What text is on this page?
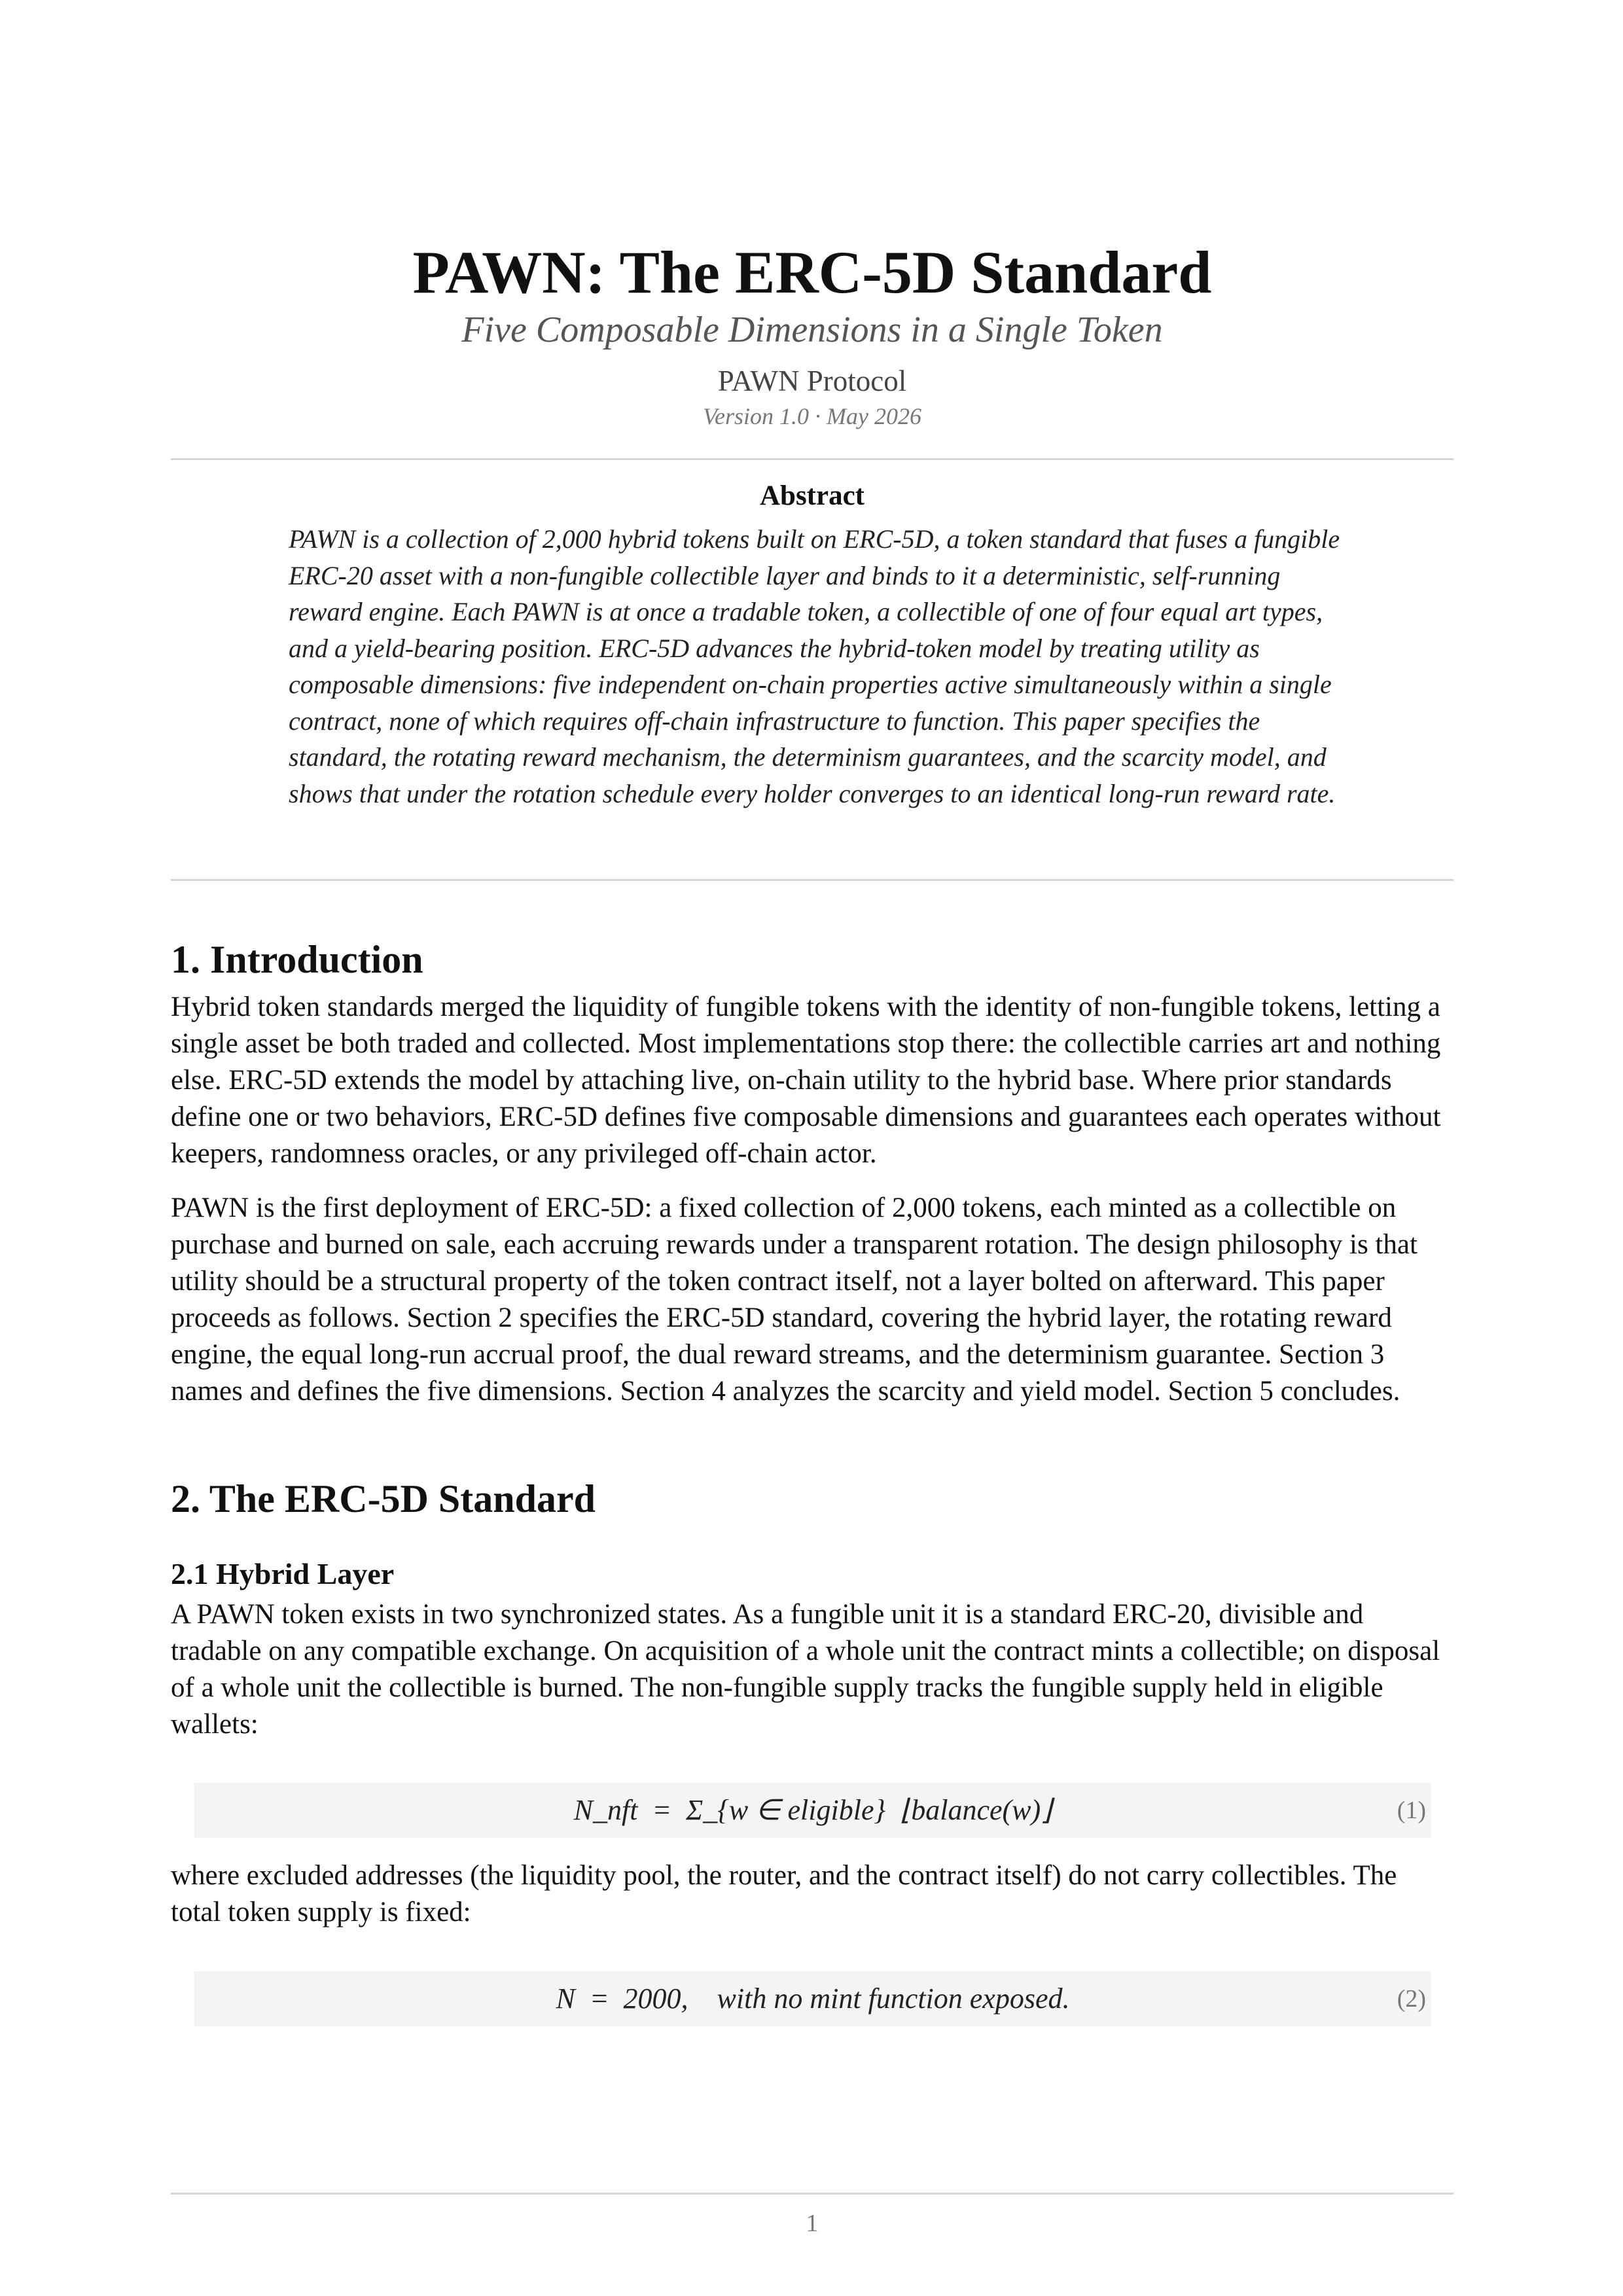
PAWN: The ERC-5D Standard
Five Composable Dimensions in a Single Token
PAWN Protocol
Version 1.0 · May 2026
Abstract

PAWN is a collection of 2,000 hybrid tokens built on ERC-5D, a token standard that fuses a fungible ERC-20 asset with a non-fungible collectible layer and binds to it a deterministic, self-running reward engine. Each PAWN is at once a tradable token, a collectible of one of four equal art types, and a yield-bearing position. ERC-5D advances the hybrid-token model by treating utility as composable dimensions: five independent on-chain properties active simultaneously within a single contract, none of which requires off-chain infrastructure to function. This paper specifies the standard, the rotating reward mechanism, the determinism guarantees, and the scarcity model, and shows that under the rotation schedule every holder converges to an identical long-run reward rate.

1. Introduction

Hybrid token standards merged the liquidity of fungible tokens with the identity of non-fungible tokens, letting a single asset be both traded and collected. Most implementations stop there: the collectible carries art and nothing else. ERC-5D extends the model by attaching live, on-chain utility to the hybrid base. Where prior standards define one or two behaviors, ERC-5D defines five composable dimensions and guarantees each operates without keepers, randomness oracles, or any privileged off-chain actor.

PAWN is the first deployment of ERC-5D: a fixed collection of 2,000 tokens, each minted as a collectible on purchase and burned on sale, each accruing rewards under a transparent rotation. The design philosophy is that utility should be a structural property of the token contract itself, not a layer bolted on afterward. This paper proceeds as follows. Section 2 specifies the ERC-5D standard, covering the hybrid layer, the rotating reward engine, the equal long-run accrual proof, the dual reward streams, and the determinism guarantee. Section 3 names and defines the five dimensions. Section 4 analyzes the scarcity and yield model. Section 5 concludes.

2. The ERC-5D Standard
2.1 Hybrid Layer

A PAWN token exists in two synchronized states. As a fungible unit it is a standard ERC-20, divisible and tradable on any compatible exchange. On acquisition of a whole unit the contract mints a collectible; on disposal of a whole unit the collectible is burned. The non-fungible supply tracks the fungible supply held in eligible wallets:

N_nft  =  Σ_{w ∈ eligible}  ⌊balance(w)⌋	(1)

where excluded addresses (the liquidity pool, the router, and the contract itself) do not carry collectibles. The total token supply is fixed:

N  =  2000,    with no mint function exposed.	(2)
1
